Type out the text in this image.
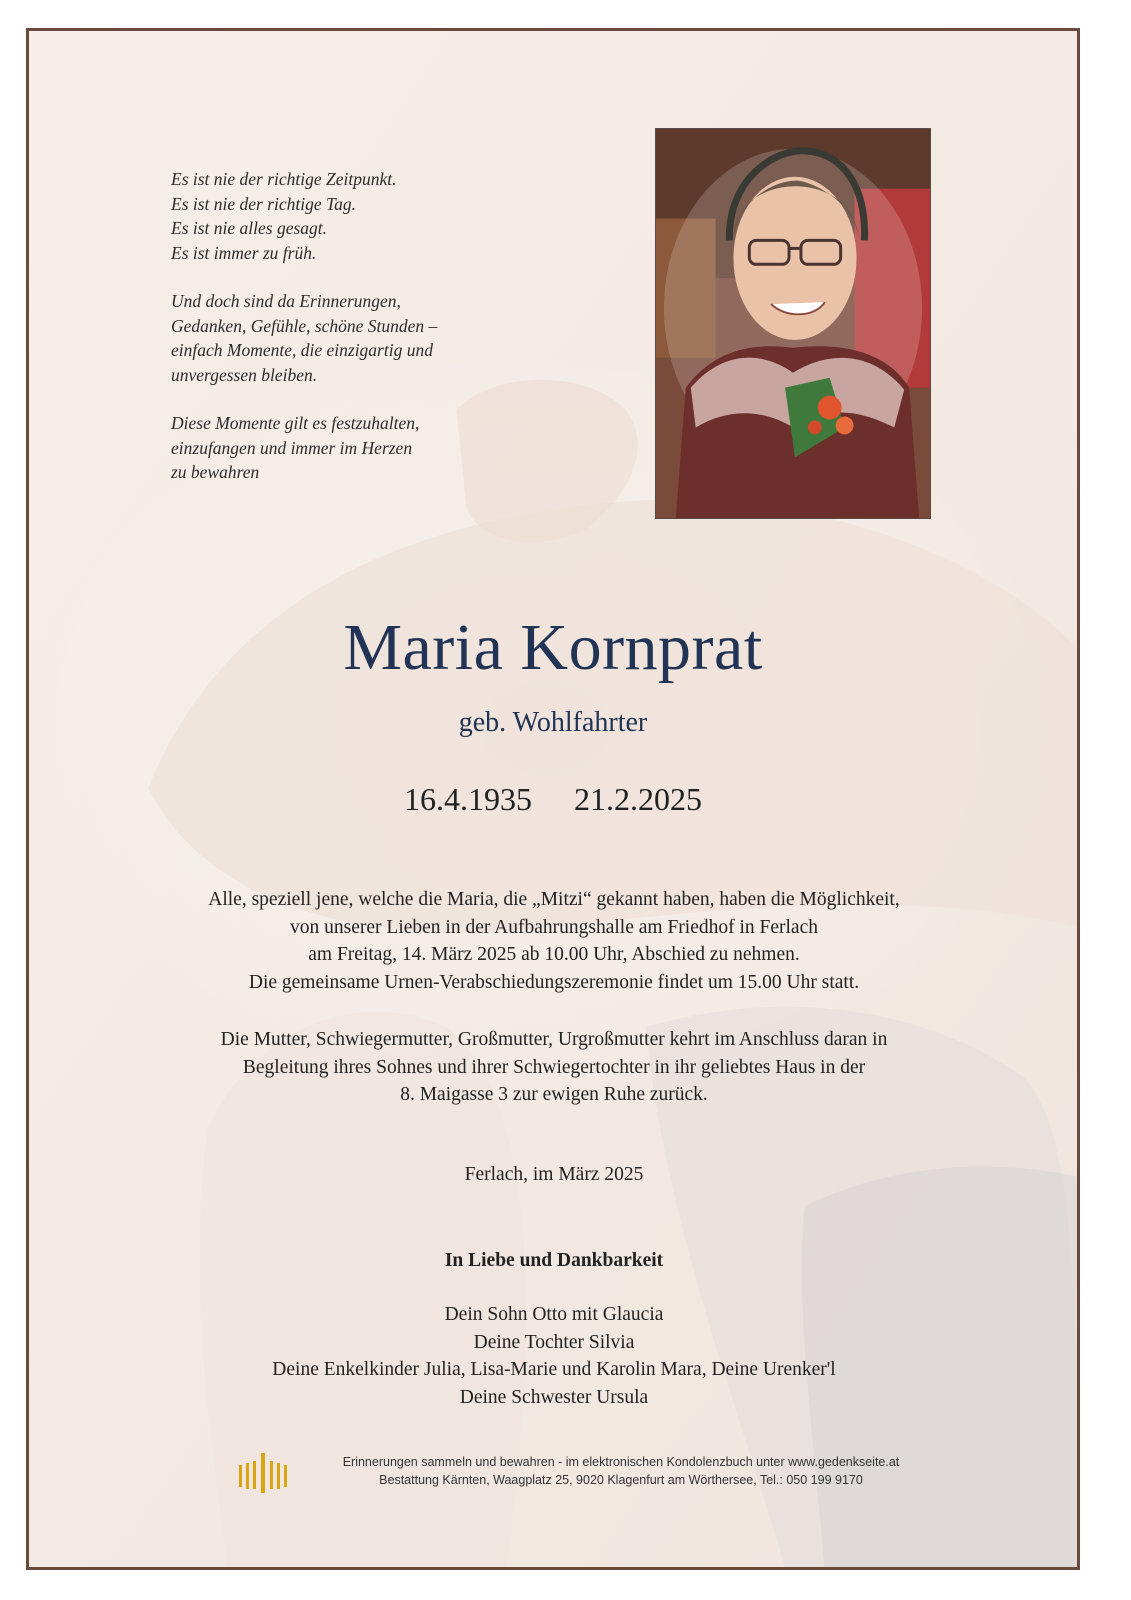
Es ist nie der richtige Zeitpunkt.
Es ist nie der richtige Tag.
Es ist nie alles gesagt.
Es ist immer zu früh.

Und doch sind da Erinnerungen,
Gedanken, Gefühle, schöne Stunden –
einfach Momente, die einzigartig und
unvergessen bleiben.

Diese Momente gilt es festzuhalten,
einzufangen und immer im Herzen
zu bewahren

Maria Kornprat
geb. Wohlfahrter
16.4.1935 21.2.2025
Alle, speziell jene, welche die Maria, die „Mitzi“ gekannt haben, haben die Möglichkeit,
von unserer Lieben in der Aufbahrungshalle am Friedhof in Ferlach
am Freitag, 14. März 2025 ab 10.00 Uhr, Abschied zu nehmen.
Die gemeinsame Urnen-Verabschiedungszeremonie findet um 15.00 Uhr statt.
Die Mutter, Schwiegermutter, Großmutter, Urgroßmutter kehrt im Anschluss daran in
Begleitung ihres Sohnes und ihrer Schwiegertochter in ihr geliebtes Haus in der
8. Maigasse 3 zur ewigen Ruhe zurück.
Ferlach, im März 2025
In Liebe und Dankbarkeit
Dein Sohn Otto mit Glaucia
Deine Tochter Silvia
Deine Enkelkinder Julia, Lisa-Marie und Karolin Mara, Deine Urenker'l
Deine Schwester Ursula
Erinnerungen sammeln und bewahren - im elektronischen Kondolenzbuch unter www.gedenkseite.at
Bestattung Kärnten, Waagplatz 25, 9020 Klagenfurt am Wörthersee, Tel.: 050 199 9170
